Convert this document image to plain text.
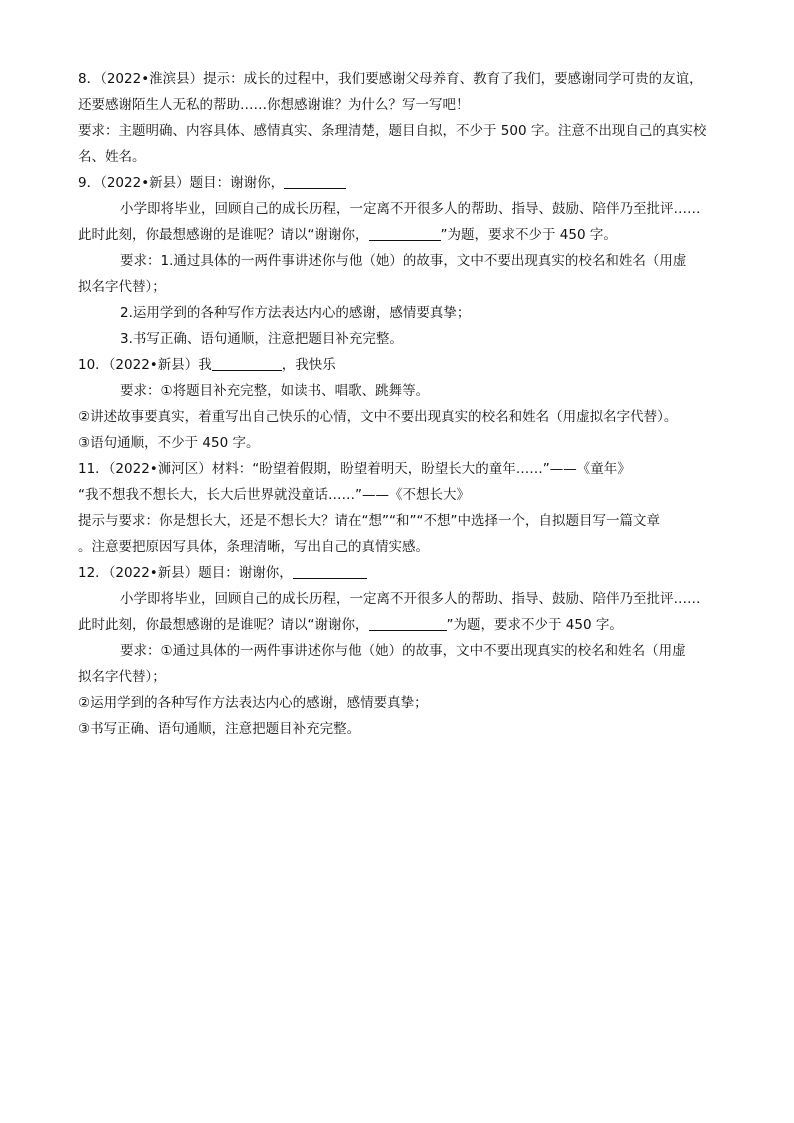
8．（2022•淮滨县）提示：成长的过程中，我们要感谢父母养育、教育了我们，要感谢同学可贵的友谊，
还要感谢陌生人无私的帮助……你想感谢谁？为什么？写一写吧！
要求：主题明确、内容具体、感情真实、条理清楚，题目自拟，不少于 500 字。注意不出现自己的真实校
名、姓名。
9．（2022•新县）题目：谢谢你，
小学即将毕业，回顾自己的成长历程，一定离不开很多人的帮助、指导、鼓励、陪伴乃至批评……
此时此刻，你最想感谢的是谁呢？请以“谢谢你，	”为题，要求不少于 450 字。
要求：1.通过具体的一两件事讲述你与他（她）的故事，文中不要出现真实的校名和姓名（用虚
拟名字代替）；
2.运用学到的各种写作方法表达内心的感谢，感情要真挚；
3.书写正确、语句通顺，注意把题目补充完整。
10．（2022•新县）我	，我快乐
要求：①将题目补充完整，如读书、唱歌、跳舞等。
②讲述故事要真实，着重写出自己快乐的心情，文中不要出现真实的校名和姓名（用虚拟名字代替）。
③语句通顺，不少于 450 字。
11．（2022•浉河区）材料：“盼望着假期，盼望着明天，盼望长大的童年……”——《童年》
“我不想我不想长大，长大后世界就没童话……”——《不想长大》
提示与要求：你是想长大，还是不想长大？请在“想”“和”“不想”中选择一个，自拟题目写一篇文章
。注意要把原因写具体，条理清晰，写出自己的真情实感。
12．（2022•新县）题目：谢谢你，
小学即将毕业，回顾自己的成长历程，一定离不开很多人的帮助、指导、鼓励、陪伴乃至批评……
此时此刻，你最想感谢的是谁呢？请以“谢谢你，	”为题，要求不少于 450 字。
要求：①通过具体的一两件事讲述你与他（她）的故事，文中不要出现真实的校名和姓名（用虚
拟名字代替）；
②运用学到的各种写作方法表达内心的感谢，感情要真挚；
③书写正确、语句通顺，注意把题目补充完整。
